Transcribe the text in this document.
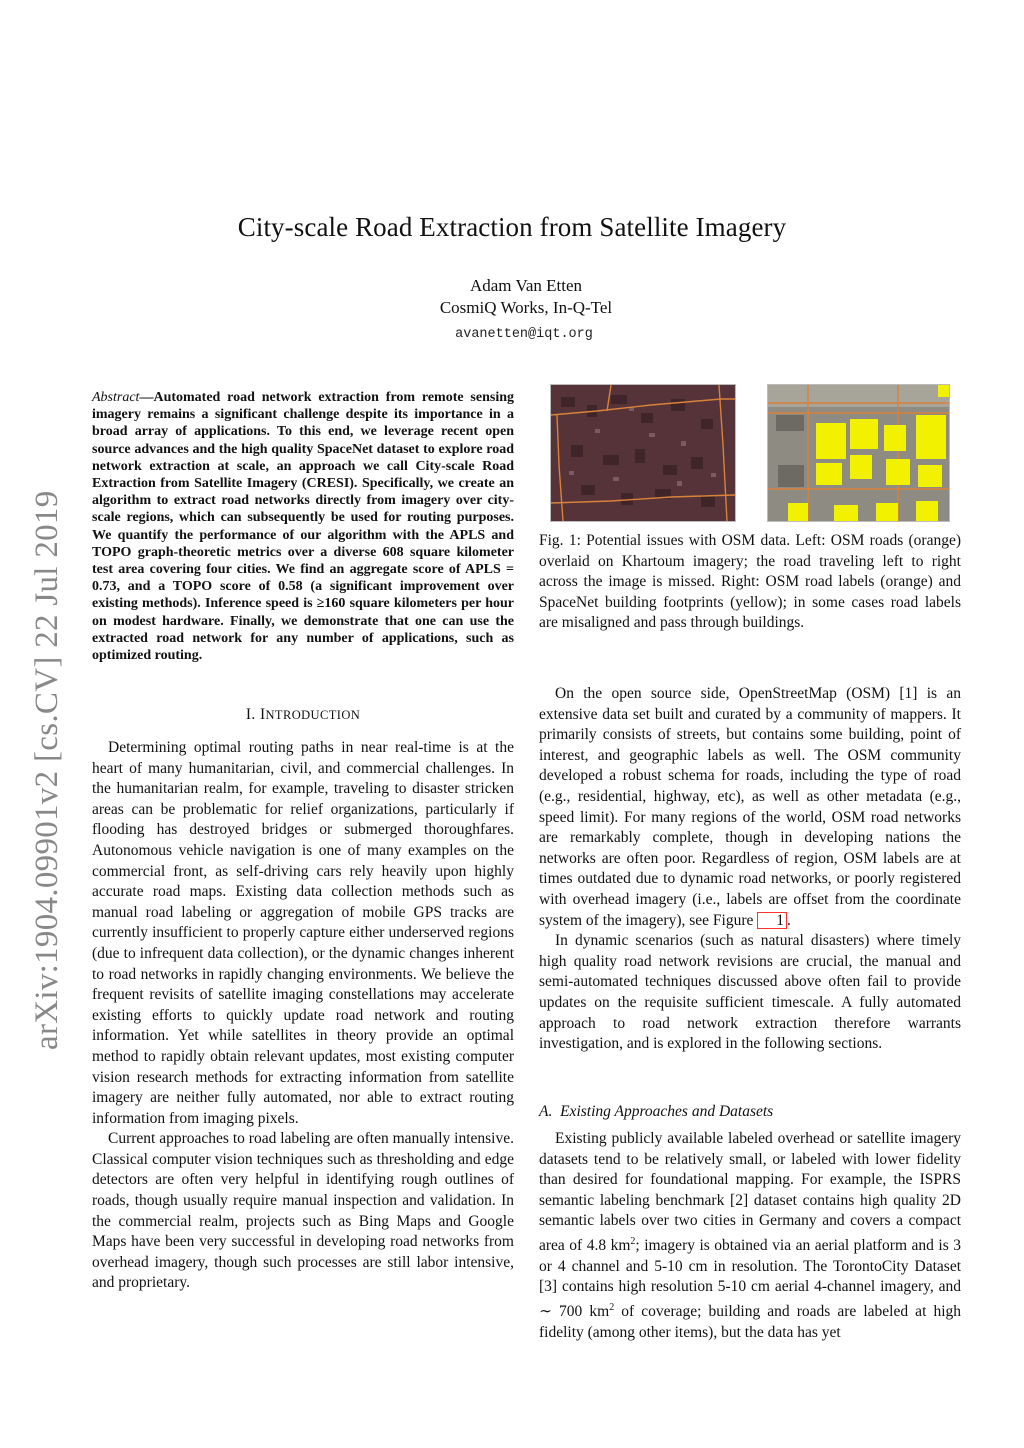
City-scale Road Extraction from Satellite Imagery
Adam Van Etten
CosmiQ Works, In-Q-Tel
avanetten@iqt.org
arXiv:1904.09901v2 [cs.CV] 22 Jul 2019
Abstract—Automated road network extraction from remote sensing imagery remains a significant challenge despite its importance in a broad array of applications. To this end, we leverage recent open source advances and the high quality SpaceNet dataset to explore road network extraction at scale, an approach we call City-scale Road Extraction from Satellite Imagery (CRESI). Specifically, we create an algorithm to extract road networks directly from imagery over city-scale regions, which can subsequently be used for routing purposes. We quantify the performance of our algorithm with the APLS and TOPO graph-theoretic metrics over a diverse 608 square kilometer test area covering four cities. We find an aggregate score of APLS = 0.73, and a TOPO score of 0.58 (a significant improvement over existing methods). Inference speed is ≥160 square kilometers per hour on modest hardware. Finally, we demonstrate that one can use the extracted road network for any number of applications, such as optimized routing.
I. INTRODUCTION

Determining optimal routing paths in near real-time is at the heart of many humanitarian, civil, and commercial challenges. In the humanitarian realm, for example, traveling to disaster stricken areas can be problematic for relief organizations, particularly if flooding has destroyed bridges or submerged thoroughfares. Autonomous vehicle navigation is one of many examples on the commercial front, as self-driving cars rely heavily upon highly accurate road maps. Existing data collection methods such as manual road labeling or aggregation of mobile GPS tracks are currently insufficient to properly capture either underserved regions (due to infrequent data collection), or the dynamic changes inherent to road networks in rapidly changing environments. We believe the frequent revisits of satellite imaging constellations may accelerate existing efforts to quickly update road network and routing information. Yet while satellites in theory provide an optimal method to rapidly obtain relevant updates, most existing computer vision research methods for extracting information from satellite imagery are neither fully automated, nor able to extract routing information from imaging pixels.

Current approaches to road labeling are often manually intensive. Classical computer vision techniques such as thresholding and edge detectors are often very helpful in identifying rough outlines of roads, though usually require manual inspection and validation. In the commercial realm, projects such as Bing Maps and Google Maps have been very successful in developing road networks from overhead imagery, though such processes are still labor intensive, and proprietary.

Fig. 1: Potential issues with OSM data. Left: OSM roads (orange) overlaid on Khartoum imagery; the road traveling left to right across the image is missed. Right: OSM road labels (orange) and SpaceNet building footprints (yellow); in some cases road labels are misaligned and pass through buildings.

On the open source side, OpenStreetMap (OSM) [1] is an extensive data set built and curated by a community of mappers. It primarily consists of streets, but contains some building, point of interest, and geographic labels as well. The OSM community developed a robust schema for roads, including the type of road (e.g., residential, highway, etc), as well as other metadata (e.g., speed limit). For many regions of the world, OSM road networks are remarkably complete, though in developing nations the networks are often poor. Regardless of region, OSM labels are at times outdated due to dynamic road networks, or poorly registered with overhead imagery (i.e., labels are offset from the coordinate system of the imagery), see Figure 1 .

In dynamic scenarios (such as natural disasters) where timely high quality road network revisions are crucial, the manual and semi-automated techniques discussed above often fail to provide updates on the requisite sufficient timescale. A fully automated approach to road network extraction therefore warrants investigation, and is explored in the following sections.

A. Existing Approaches and Datasets

Existing publicly available labeled overhead or satellite imagery datasets tend to be relatively small, or labeled with lower fidelity than desired for foundational mapping. For example, the ISPRS semantic labeling benchmark [2] dataset contains high quality 2D semantic labels over two cities in Germany and covers a compact area of 4.8 $km^2$; imagery is obtained via an aerial platform and is 3 or 4 channel and 5-10 cm in resolution. The TorontoCity Dataset [3] contains high resolution 5-10 cm aerial 4-channel imagery, and ∼ 700 $km^2$ of coverage; building and roads are labeled at high fidelity (among other items), but the data has yet
